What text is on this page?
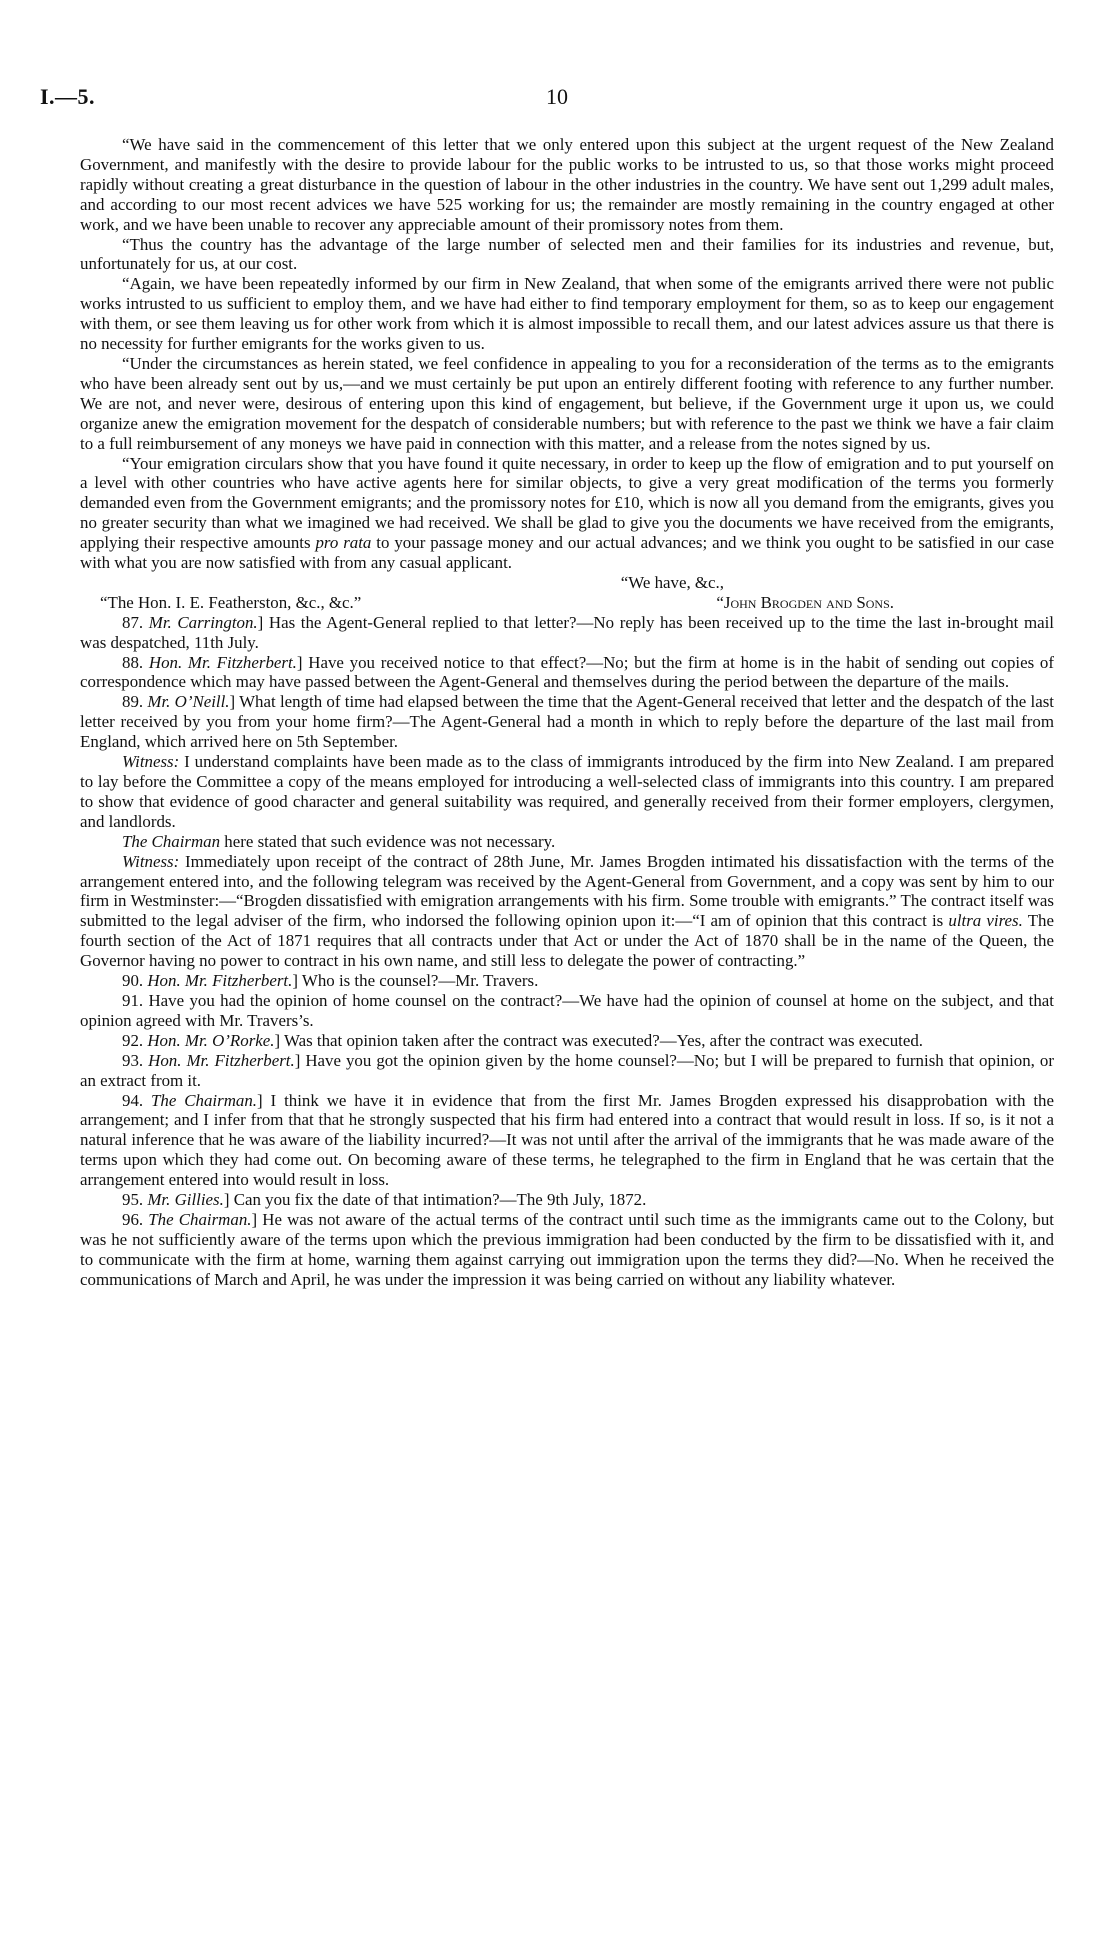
I.—5.	10

“We have said in the commencement of this letter that we only entered upon this subject at the urgent request of the New Zealand Government, and manifestly with the desire to provide labour for the public works to be intrusted to us, so that those works might proceed rapidly without creating a great disturbance in the question of labour in the other industries in the country. We have sent out 1,299 adult males, and according to our most recent advices we have 525 working for us; the remainder are mostly remaining in the country engaged at other work, and we have been unable to recover any appreciable amount of their promissory notes from them.

“Thus the country has the advantage of the large number of selected men and their families for its industries and revenue, but, unfortunately for us, at our cost.

“Again, we have been repeatedly informed by our firm in New Zealand, that when some of the emigrants arrived there were not public works intrusted to us sufficient to employ them, and we have had either to find temporary employment for them, so as to keep our engagement with them, or see them leaving us for other work from which it is almost impossible to recall them, and our latest advices assure us that there is no necessity for further emigrants for the works given to us.

“Under the circumstances as herein stated, we feel confidence in appealing to you for a reconsideration of the terms as to the emigrants who have been already sent out by us,—and we must certainly be put upon an entirely different footing with reference to any further number. We are not, and never were, desirous of entering upon this kind of engagement, but believe, if the Government urge it upon us, we could organize anew the emigration movement for the despatch of considerable numbers; but with reference to the past we think we have a fair claim to a full reimbursement of any moneys we have paid in connection with this matter, and a release from the notes signed by us.

“Your emigration circulars show that you have found it quite necessary, in order to keep up the flow of emigration and to put yourself on a level with other countries who have active agents here for similar objects, to give a very great modification of the terms you formerly demanded even from the Government emigrants; and the promissory notes for £10, which is now all you demand from the emigrants, gives you no greater security than what we imagined we had received. We shall be glad to give you the documents we have received from the emigrants, applying their respective amounts pro rata to your passage money and our actual advances; and we think you ought to be satisfied in our case with what you are now satisfied with from any casual applicant.

“We have, &c.,

“The Hon. I. E. Featherston, &c., &c.”	“John Brogden and Sons.

87. Mr. Carrington.] Has the Agent-General replied to that letter?—No reply has been received up to the time the last in-brought mail was despatched, 11th July.

88. Hon. Mr. Fitzherbert.] Have you received notice to that effect?—No; but the firm at home is in the habit of sending out copies of correspondence which may have passed between the Agent-General and themselves during the period between the departure of the mails.

89. Mr. O’Neill.] What length of time had elapsed between the time that the Agent-General received that letter and the despatch of the last letter received by you from your home firm?—The Agent-General had a month in which to reply before the departure of the last mail from England, which arrived here on 5th September.

Witness: I understand complaints have been made as to the class of immigrants introduced by the firm into New Zealand. I am prepared to lay before the Committee a copy of the means employed for introducing a well-selected class of immigrants into this country. I am prepared to show that evidence of good character and general suitability was required, and generally received from their former employers, clergymen, and landlords.

The Chairman here stated that such evidence was not necessary.

Witness: Immediately upon receipt of the contract of 28th June, Mr. James Brogden intimated his dissatisfaction with the terms of the arrangement entered into, and the following telegram was received by the Agent-General from Government, and a copy was sent by him to our firm in Westminster:—“Brogden dissatisfied with emigration arrangements with his firm. Some trouble with emigrants.” The contract itself was submitted to the legal adviser of the firm, who indorsed the following opinion upon it:—“I am of opinion that this contract is ultra vires. The fourth section of the Act of 1871 requires that all contracts under that Act or under the Act of 1870 shall be in the name of the Queen, the Governor having no power to contract in his own name, and still less to delegate the power of contracting.”

90. Hon. Mr. Fitzherbert.] Who is the counsel?—Mr. Travers.

91. Have you had the opinion of home counsel on the contract?—We have had the opinion of counsel at home on the subject, and that opinion agreed with Mr. Travers’s.

92. Hon. Mr. O’Rorke.] Was that opinion taken after the contract was executed?—Yes, after the contract was executed.

93. Hon. Mr. Fitzherbert.] Have you got the opinion given by the home counsel?—No; but I will be prepared to furnish that opinion, or an extract from it.

94. The Chairman.] I think we have it in evidence that from the first Mr. James Brogden expressed his disapprobation with the arrangement; and I infer from that that he strongly suspected that his firm had entered into a contract that would result in loss. If so, is it not a natural inference that he was aware of the liability incurred?—It was not until after the arrival of the immigrants that he was made aware of the terms upon which they had come out. On becoming aware of these terms, he telegraphed to the firm in England that he was certain that the arrangement entered into would result in loss.

95. Mr. Gillies.] Can you fix the date of that intimation?—The 9th July, 1872.

96. The Chairman.] He was not aware of the actual terms of the contract until such time as the immigrants came out to the Colony, but was he not sufficiently aware of the terms upon which the previous immigration had been conducted by the firm to be dissatisfied with it, and to communicate with the firm at home, warning them against carrying out immigration upon the terms they did?—No. When he received the communications of March and April, he was under the impression it was being carried on without any liability whatever.
